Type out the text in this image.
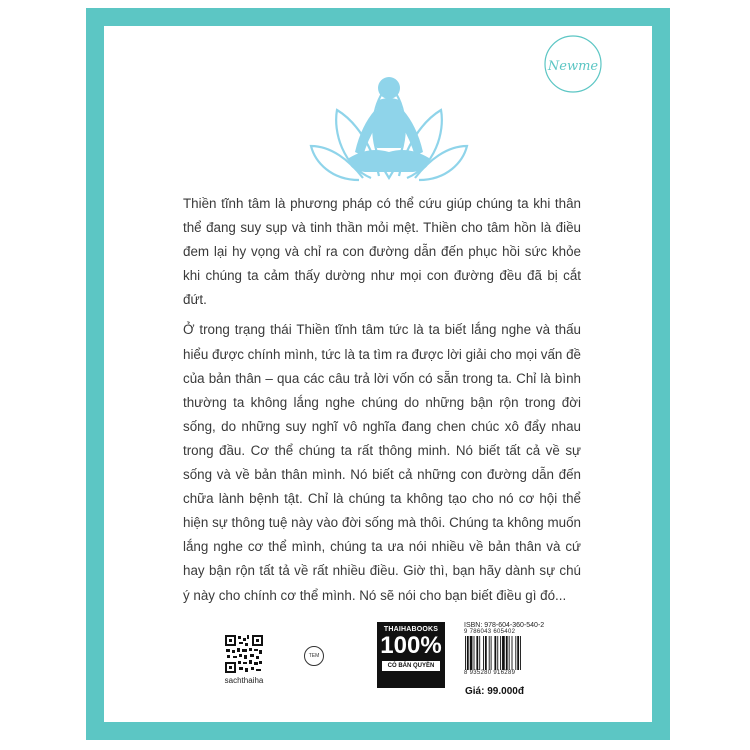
Newme

Thiền tĩnh tâm là phương pháp có thể cứu giúp chúng ta khi thân thể đang suy sụp và tinh thần mỏi mệt. Thiền cho tâm hồn là điều đem lại hy vọng và chỉ ra con đường dẫn đến phục hồi sức khỏe khi chúng ta cảm thấy dường như mọi con đường đều đã bị cắt đứt.

Ở trong trạng thái Thiền tĩnh tâm tức là ta biết lắng nghe và thấu hiểu được chính mình, tức là ta tìm ra được lời giải cho mọi vấn đề của bản thân – qua các câu trả lời vốn có sẵn trong ta. Chỉ là bình thường ta không lắng nghe chúng do những bận rộn trong đời sống, do những suy nghĩ vô nghĩa đang chen chúc xô đẩy nhau trong đầu. Cơ thể chúng ta rất thông minh. Nó biết tất cả về sự sống và về bản thân mình. Nó biết cả những con đường dẫn đến chữa lành bệnh tật. Chỉ là chúng ta không tạo cho nó cơ hội thể hiện sự thông tuệ này vào đời sống mà thôi. Chúng ta không muốn lắng nghe cơ thể mình, chúng ta ưa nói nhiều về bản thân và cứ hay bận rộn tất tả về rất nhiều điều. Giờ thì, bạn hãy dành sự chú ý này cho chính cơ thể mình. Nó sẽ nói cho bạn biết điều gì đó...

sachthaiha
TEM
THAIHABOOKS
100%
CÓ BẢN QUYỀN
ISBN: 978-604-360-540-2
9 786043 605402
8 935280 916289
Giá: 99.000đ
